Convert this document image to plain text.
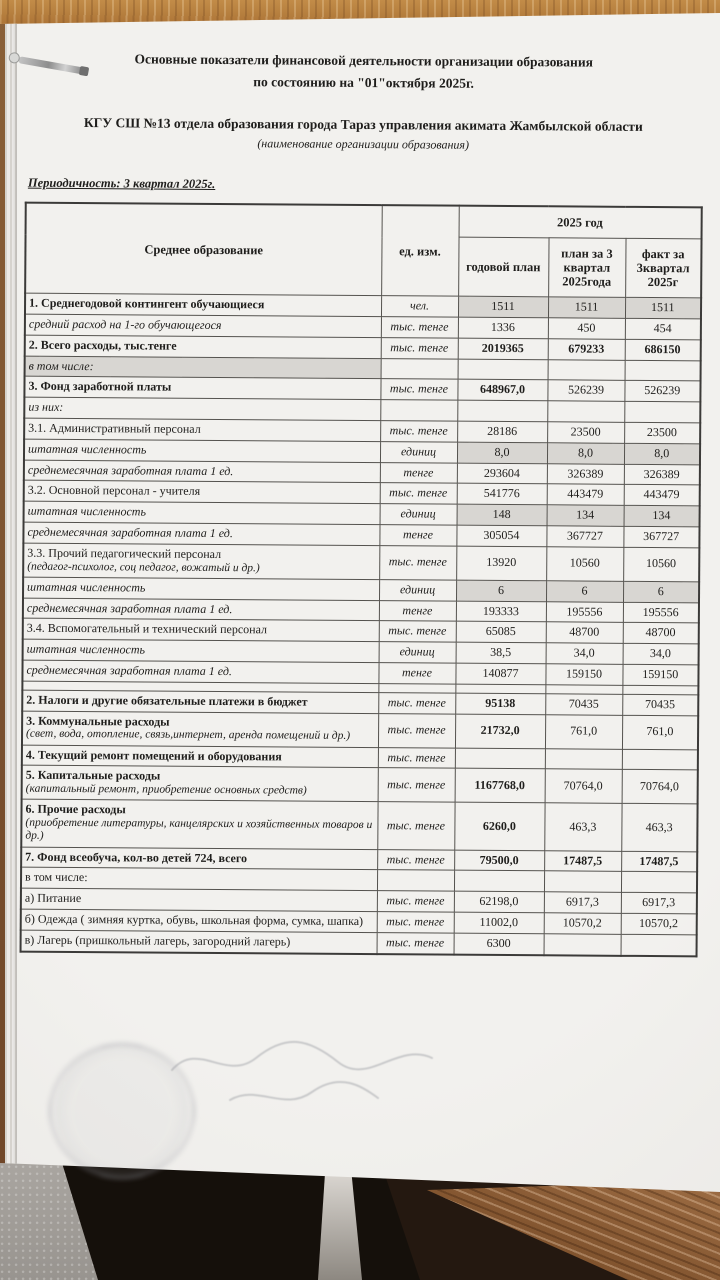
Основные показатели финансовой деятельности организации образования
по состоянию на "01"октября 2025г.
КГУ СШ №13 отдела образования города Тараз управления акимата Жамбылской области
(наименование организации образования)
Периодичность: 3 квартал 2025г.
Среднее образование	ед. изм.	2025 год		
		годовой план	план за 3 квартал 2025года	факт за 3квартал 2025г

1. Среднегодовой контингент обучающиеся	чел.	1511	1511	1511

средний расход на 1-го обучающегося	тыс. тенге	1336	450	454

2. Всего расходы, тыс.тенге	тыс. тенге	2019365	679233	686150

в том числе:				

3. Фонд заработной платы	тыс. тенге	648967,0	526239	526239

из них:				

3.1. Административный персонал	тыс. тенге	28186	23500	23500

штатная численность	единиц	8,0	8,0	8,0

среднемесячная заработная плата 1 ед.	тенге	293604	326389	326389

3.2. Основной персонал - учителя	тыс. тенге	541776	443479	443479

штатная численность	единиц	148	134	134

среднемесячная заработная плата 1 ед.	тенге	305054	367727	367727

3.3. Прочий педагогический персонал
(педагог-психолог, соц педагог, вожатый и др.)	тыс. тенге	13920	10560	10560

штатная численность	единиц	6	6	6

среднемесячная заработная плата 1 ед.	тенге	193333	195556	195556

3.4. Вспомогательный и технический персонал	тыс. тенге	65085	48700	48700

штатная численность	единиц	38,5	34,0	34,0

среднемесячная заработная плата 1 ед.	тенге	140877	159150	159150

2. Налоги и другие обязательные платежи в бюджет	тыс. тенге	95138	70435	70435

3. Коммунальные расходы
(свет, вода, отопление, связь,интернет, аренда помещений и др.)	тыс. тенге	21732,0	761,0	761,0

4. Текущий ремонт помещений и оборудования	тыс. тенге			

5. Капитальные расходы
(капитальный ремонт, приобретение основных средств)	тыс. тенге	1167768,0	70764,0	70764,0

6. Прочие расходы
(приобретение литературы, канцелярских и хозяйственных товаров и др.)	тыс. тенге	6260,0	463,3	463,3

7. Фонд всеобуча, кол-во детей 724, всего	тыс. тенге	79500,0	17487,5	17487,5

в том числе:				

а) Питание	тыс. тенге	62198,0	6917,3	6917,3

б) Одежда ( зимняя куртка, обувь, школьная форма, сумка, шапка)	тыс. тенге	11002,0	10570,2	10570,2

в) Лагерь (пришкольный лагерь, загородний лагерь)	тыс. тенге	6300		
